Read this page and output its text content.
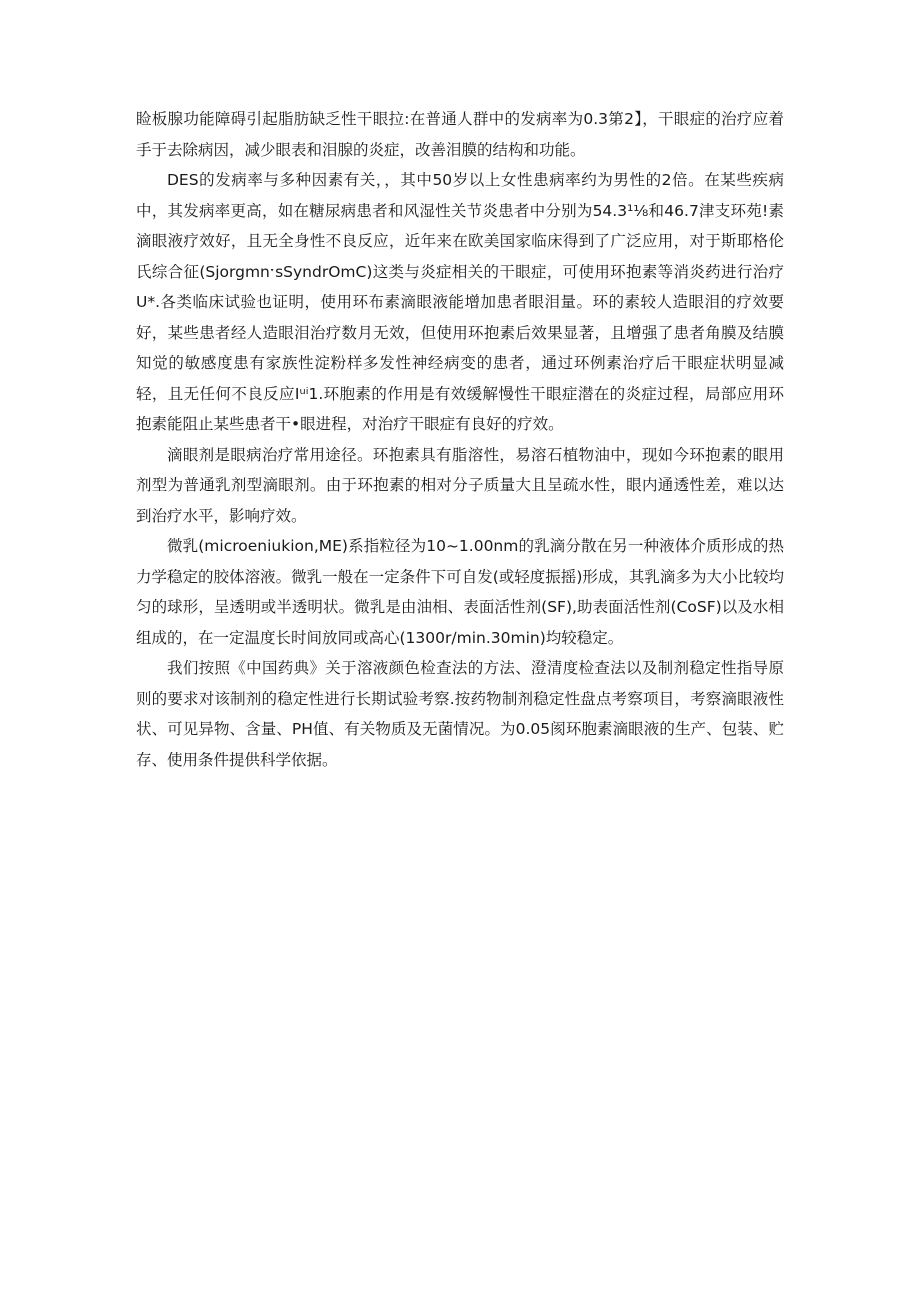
睑板腺功能障碍引起脂肪缺乏性干眼拉:在普通人群中的发病率为0.3第2】，干眼症的治疗应着手于去除病因，减少眼表和泪腺的炎症，改善泪膜的结构和功能。

DES的发病率与多种因素有关，，其中50岁以上女性患病率约为男性的2倍。在某些疾病中，其发病率更高，如在糖尿病患者和风湿性关节炎患者中分别为54.3¹⅛和46.7津支环苑!素滴眼液疗效好，且无全身性不良反应，近年来在欧美国家临床得到了广泛应用，对于斯耶格伦氏综合征(SjorgmnˑsSyndrOmC)这类与炎症相关的干眼症，可使用环抱素等消炎药进行治疗U*.各类临床试验也证明，使用环布素滴眼液能增加患者眼泪量。环的素较人造眼泪的疗效要好，某些患者经人造眼泪治疗数月无效，但使用环抱素后效果显著，且增强了患者角膜及结膜知觉的敏感度患有家族性淀粉样多发性神经病变的患者，通过环例素治疗后干眼症状明显减轻，且无任何不良反应Iᵘⁱ1.环胞素的作用是有效缓解慢性干眼症潜在的炎症过程，局部应用环抱素能阻止某些患者干•眼进程，对治疗干眼症有良好的疗效。

滴眼剂是眼病治疗常用途径。环抱素具有脂溶性，易溶石植物油中，现如今环抱素的眼用剂型为普通乳剂型滴眼剂。由于环抱素的相对分子质量大且呈疏水性，眼内通透性差，难以达到治疗水平，影响疗效。

微乳(microeniukion,ME)系指粒径为10~1.00nm的乳滴分散在另一种液体介质形成的热力学稳定的胶体溶液。微乳一般在一定条件下可自发(或轻度振摇)形成，其乳滴多为大小比较均匀的球形，呈透明或半透明状。微乳是由油相、表面活性剂(SF),助表面活性剂(CoSF)以及水相组成的，在一定温度长时间放同或高心(1300r∕min.30min)均较稳定。

我们按照《中国药典》关于溶液颜色检查法的方法、澄清度检查法以及制剂稳定性指导原则的要求对该制剂的稳定性进行长期试验考察.按药物制剂稳定性盘点考察项目，考察滴眼液性状、可见异物、含量、PH值、有关物质及无菌情况。为0.05阂环胞素滴眼液的生产、包装、贮存、使用条件提供科学依据。
